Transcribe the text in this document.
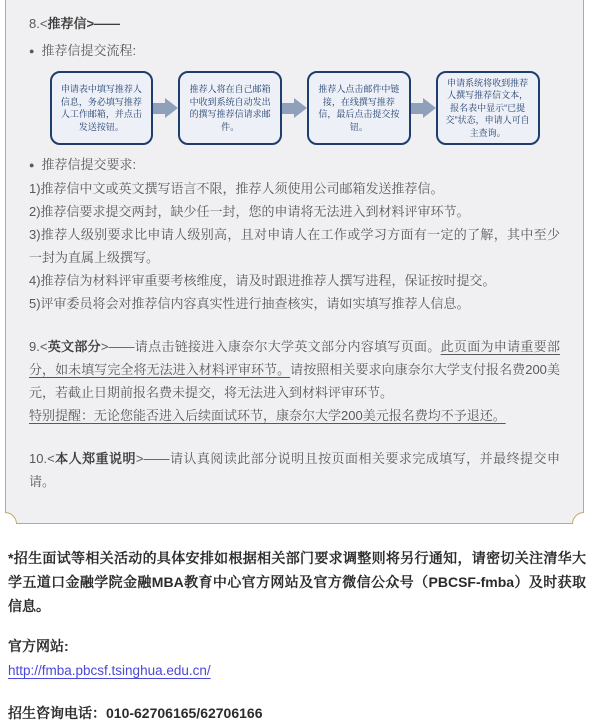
8.<推荐信>——

● 推荐信提交流程:

申请表中填写推荐人信息，务必填写推荐人工作邮箱，并点击发送按钮。
推荐人将在自己邮箱中收到系统自动发出的撰写推荐信请求邮件。
推荐人点击邮件中链接，在线撰写推荐信，最后点击提交按钮。
申请系统将收到推荐人撰写推荐信文本，报名表中显示“已提交”状态，申请人可自主查询。

● 推荐信提交要求:

1)推荐信中文或英文撰写语言不限，推荐人须使用公司邮箱发送推荐信。

2)推荐信要求提交两封，缺少任一封，您的申请将无法进入到材料评审环节。

3)推荐人级别要求比申请人级别高，且对申请人在工作或学习方面有一定的了解，其中至少一封为直属上级撰写。

4)推荐信为材料评审重要考核维度，请及时跟进推荐人撰写进程，保证按时提交。

5)评审委员将会对推荐信内容真实性进行抽查核实，请如实填写推荐人信息。

9.<英文部分>——请点击链接进入康奈尔大学英文部分内容填写页面。此页面为申请重要部分，如未填写完全将无法进入材料评审环节。请按照相关要求向康奈尔大学支付报名费200美元，若截止日期前报名费未提交，将无法进入到材料评审环节。
特别提醒：无论您能否进入后续面试环节，康奈尔大学200美元报名费均不予退还。

10.<本人郑重说明>——请认真阅读此部分说明且按页面相关要求完成填写，并最终提交申请。

*招生面试等相关活动的具体安排如根据相关部门要求调整则将另行通知，请密切关注清华大学五道口金融学院金融MBA教育中心官方网站及官方微信公众号（PBCSF-fmba）及时获取信息。

官方网站:

http://fmba.pbcsf.tsinghua.edu.cn/

招生咨询电话：010-62706165/62706166
